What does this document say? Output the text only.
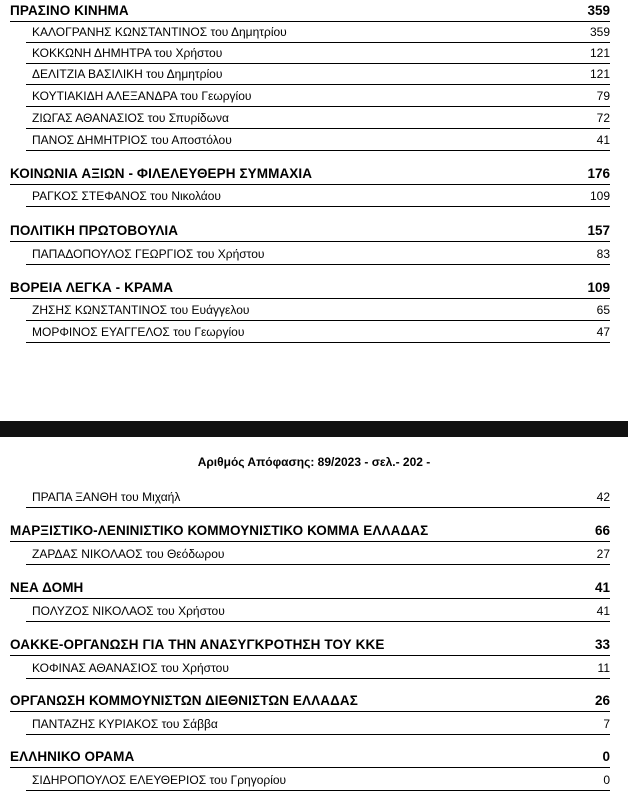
ΠΡΑΣΙΝΟ ΚΙΝΗΜΑ	359
ΚΑΛΟΓΡΑΝΗΣ ΚΩΝΣΤΑΝΤΙΝΟΣ του Δημητρίου	359
ΚΟΚΚΩΝΗ ΔΗΜΗΤΡΑ του Χρήστου	121
ΔΕΛΙΤΖΙΑ ΒΑΣΙΛΙΚΗ του Δημητρίου	121
ΚΟΥΤΙΑΚΙΔΗ ΑΛΕΞΑΝΔΡΑ του Γεωργίου	79
ΖΙΩΓΑΣ ΑΘΑΝΑΣΙΟΣ του Σπυρίδωνα	72
ΠΑΝΟΣ ΔΗΜΗΤΡΙΟΣ του Αποστόλου	41
ΚΟΙΝΩΝΙΑ ΑΞΙΩΝ - ΦΙΛΕΛΕΥΘΕΡΗ ΣΥΜΜΑΧΙΑ	176
ΡΑΓΚΟΣ ΣΤΕΦΑΝΟΣ του Νικολάου	109
ΠΟΛΙΤΙΚΗ ΠΡΩΤΟΒΟΥΛΙΑ	157
ΠΑΠΑΔΟΠΟΥΛΟΣ ΓΕΩΡΓΙΟΣ του Χρήστου	83
ΒΟΡΕΙΑ ΛΕΓΚΑ - ΚΡΑΜΑ	109
ΖΗΣΗΣ ΚΩΝΣΤΑΝΤΙΝΟΣ του Ευάγγελου	65
ΜΟΡΦΙΝΟΣ ΕΥΑΓΓΕΛΟΣ του Γεωργίου	47
Αριθμός Απόφασης: 89/2023 - σελ.- 202 -
ΠΡΑΠΑ ΞΑΝΘΗ του Μιχαήλ	42
ΜΑΡΞΙΣΤΙΚΟ-ΛΕΝΙΝΙΣΤΙΚΟ ΚΟΜΜΟΥΝΙΣΤΙΚΟ ΚΟΜΜΑ ΕΛΛΑΔΑΣ	66
ΖΑΡΔΑΣ ΝΙΚΟΛΑΟΣ του Θεόδωρου	27
ΝΕΑ ΔΟΜΗ	41
ΠΟΛΥΖΟΣ ΝΙΚΟΛΑΟΣ του Χρήστου	41
ΟΑΚΚΕ-ΟΡΓΑΝΩΣΗ ΓΙΑ ΤΗΝ ΑΝΑΣΥΓΚΡΟΤΗΣΗ ΤΟΥ ΚΚΕ	33
ΚΟΦΙΝΑΣ ΑΘΑΝΑΣΙΟΣ του Χρήστου	11
ΟΡΓΑΝΩΣΗ ΚΟΜΜΟΥΝΙΣΤΩΝ ΔΙΕΘΝΙΣΤΩΝ ΕΛΛΑΔΑΣ	26
ΠΑΝΤΑΖΗΣ ΚΥΡΙΑΚΟΣ του Σάββα	7
ΕΛΛΗΝΙΚΟ ΟΡΑΜΑ	0
ΣΙΔΗΡΟΠΟΥΛΟΣ ΕΛΕΥΘΕΡΙΟΣ του Γρηγορίου	0
